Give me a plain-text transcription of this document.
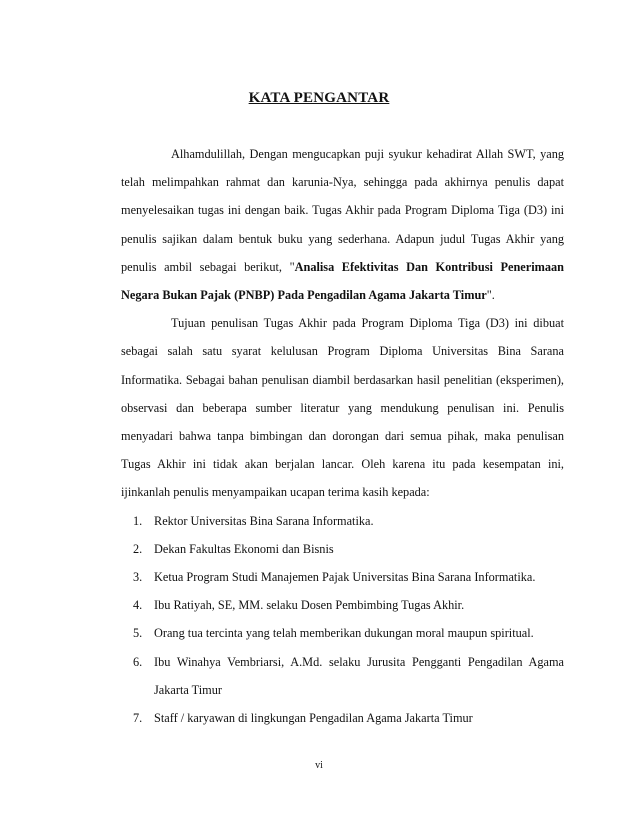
KATA PENGANTAR

Alhamdulillah, Dengan mengucapkan puji syukur kehadirat Allah SWT, yang telah melimpahkan rahmat dan karunia-Nya, sehingga pada akhirnya penulis dapat menyelesaikan tugas ini dengan baik. Tugas Akhir pada Program Diploma Tiga (D3) ini penulis sajikan dalam bentuk buku yang sederhana. Adapun judul Tugas Akhir yang penulis ambil sebagai berikut, "Analisa Efektivitas Dan Kontribusi Penerimaan Negara Bukan Pajak (PNBP) Pada Pengadilan Agama Jakarta Timur".

Tujuan penulisan Tugas Akhir pada Program Diploma Tiga (D3) ini dibuat sebagai salah satu syarat kelulusan Program Diploma Universitas Bina Sarana Informatika. Sebagai bahan penulisan diambil berdasarkan hasil penelitian (eksperimen), observasi dan beberapa sumber literatur yang mendukung penulisan ini. Penulis menyadari bahwa tanpa bimbingan dan dorongan dari semua pihak, maka penulisan Tugas Akhir ini tidak akan berjalan lancar. Oleh karena itu pada kesempatan ini, ijinkanlah penulis menyampaikan ucapan terima kasih kepada:

1. Rektor Universitas Bina Sarana Informatika.
2. Dekan Fakultas Ekonomi dan Bisnis
3. Ketua Program Studi Manajemen Pajak Universitas Bina Sarana Informatika.
4. Ibu Ratiyah, SE, MM. selaku Dosen Pembimbing Tugas Akhir.
5. Orang tua tercinta yang telah memberikan dukungan moral maupun spiritual.
6. Ibu Winahya Vembriarsi, A.Md. selaku Jurusita Pengganti Pengadilan Agama Jakarta Timur
7. Staff / karyawan di lingkungan Pengadilan Agama Jakarta Timur
vi
